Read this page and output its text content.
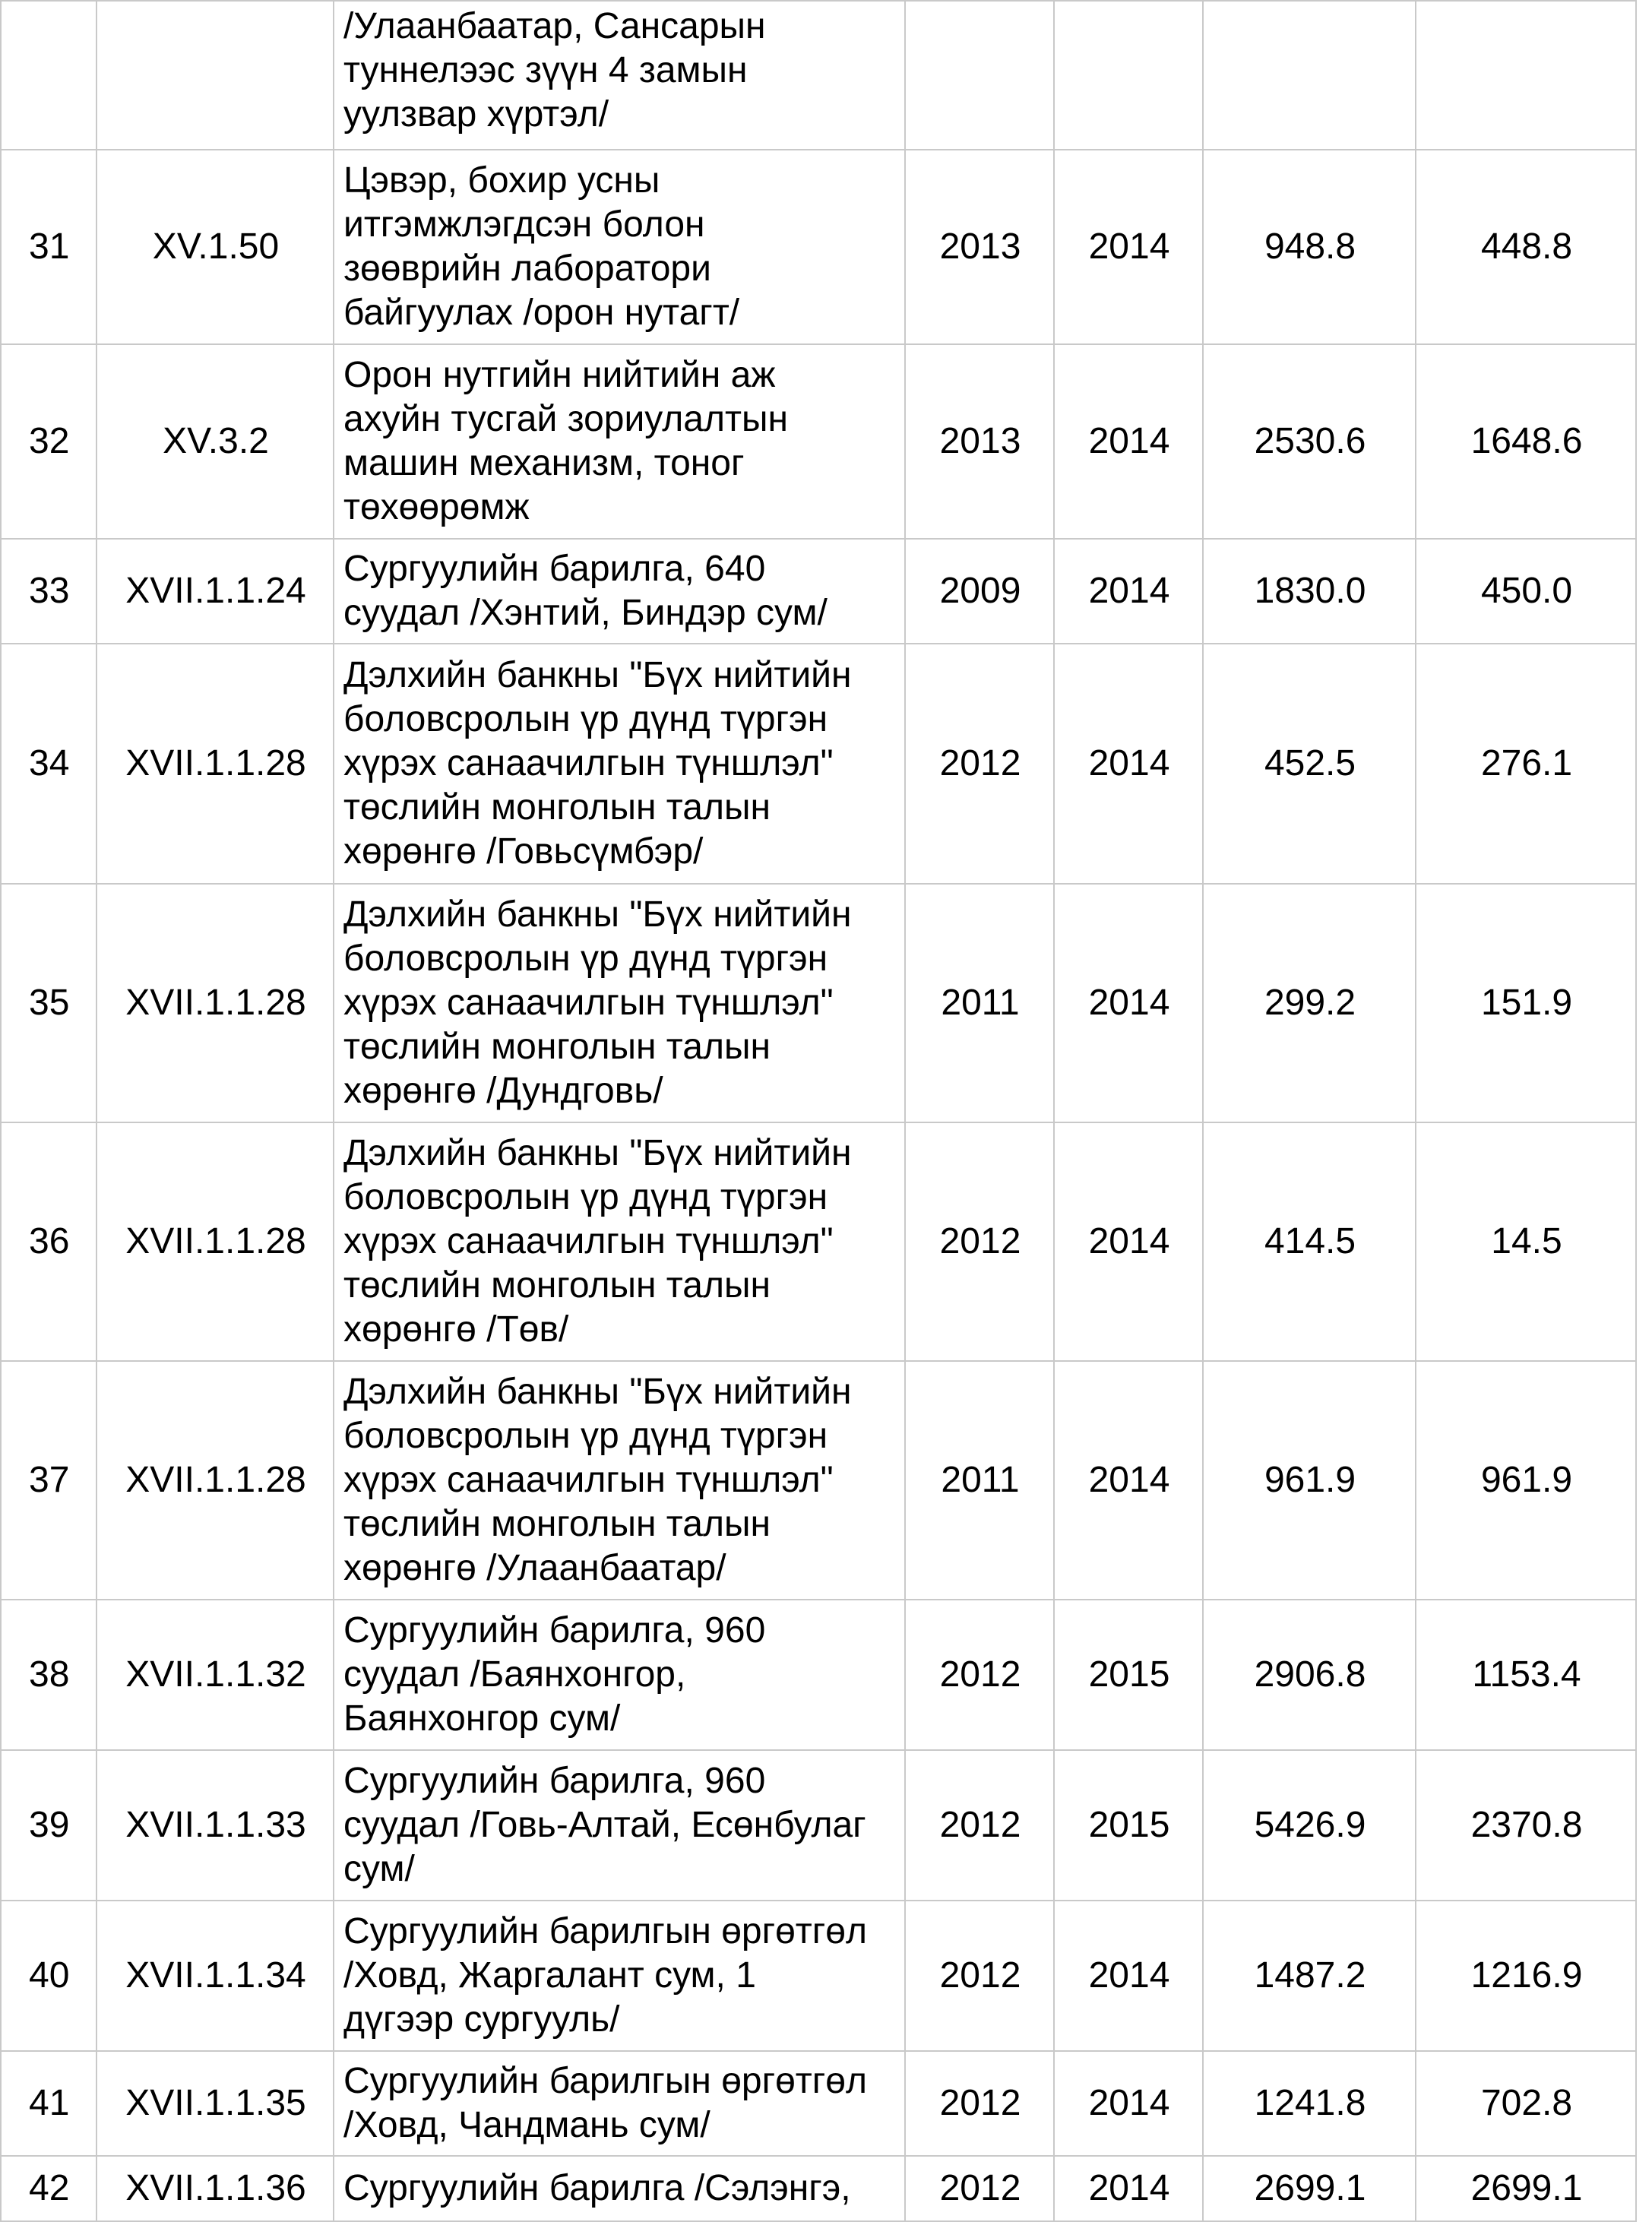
		/Улаанбаатар, Сансарын
туннелээс зүүн 4 замын
уулзвар хүртэл/				

31	XV.1.50	Цэвэр, бохир усны
итгэмжлэгдсэн болон
зөөврийн лаборатори
байгуулах /орон нутагт/	2013	2014	948.8	448.8
32	XV.3.2	Орон нутгийн нийтийн аж
ахуйн тусгай зориулалтын
машин механизм, тоног
төхөөрөмж	2013	2014	2530.6	1648.6
33	XVII.1.1.24	Сургуулийн барилга, 640
суудал /Хэнтий, Биндэр сум/	2009	2014	1830.0	450.0
34	XVII.1.1.28	Дэлхийн банкны "Бүх нийтийн
боловсролын үр дүнд түргэн
хүрэх санаачилгын түншлэл"
төслийн монголын талын
хөрөнгө /Говьсүмбэр/	2012	2014	452.5	276.1
35	XVII.1.1.28	Дэлхийн банкны "Бүх нийтийн
боловсролын үр дүнд түргэн
хүрэх санаачилгын түншлэл"
төслийн монголын талын
хөрөнгө /Дундговь/	2011	2014	299.2	151.9
36	XVII.1.1.28	Дэлхийн банкны "Бүх нийтийн
боловсролын үр дүнд түргэн
хүрэх санаачилгын түншлэл"
төслийн монголын талын
хөрөнгө /Төв/	2012	2014	414.5	14.5
37	XVII.1.1.28	Дэлхийн банкны "Бүх нийтийн
боловсролын үр дүнд түргэн
хүрэх санаачилгын түншлэл"
төслийн монголын талын
хөрөнгө /Улаанбаатар/	2011	2014	961.9	961.9
38	XVII.1.1.32	Сургуулийн барилга, 960
суудал /Баянхонгор,
Баянхонгор сум/	2012	2015	2906.8	1153.4
39	XVII.1.1.33	Сургуулийн барилга, 960
суудал /Говь-Алтай, Есөнбулаг
сум/	2012	2015	5426.9	2370.8
40	XVII.1.1.34	Сургуулийн барилгын өргөтгөл
/Ховд, Жаргалант сум, 1
дүгээр сургууль/	2012	2014	1487.2	1216.9
41	XVII.1.1.35	Сургуулийн барилгын өргөтгөл
/Ховд, Чандмань сум/	2012	2014	1241.8	702.8
42	XVII.1.1.36	Сургуулийн барилга /Сэлэнгэ,	2012	2014	2699.1	2699.1
